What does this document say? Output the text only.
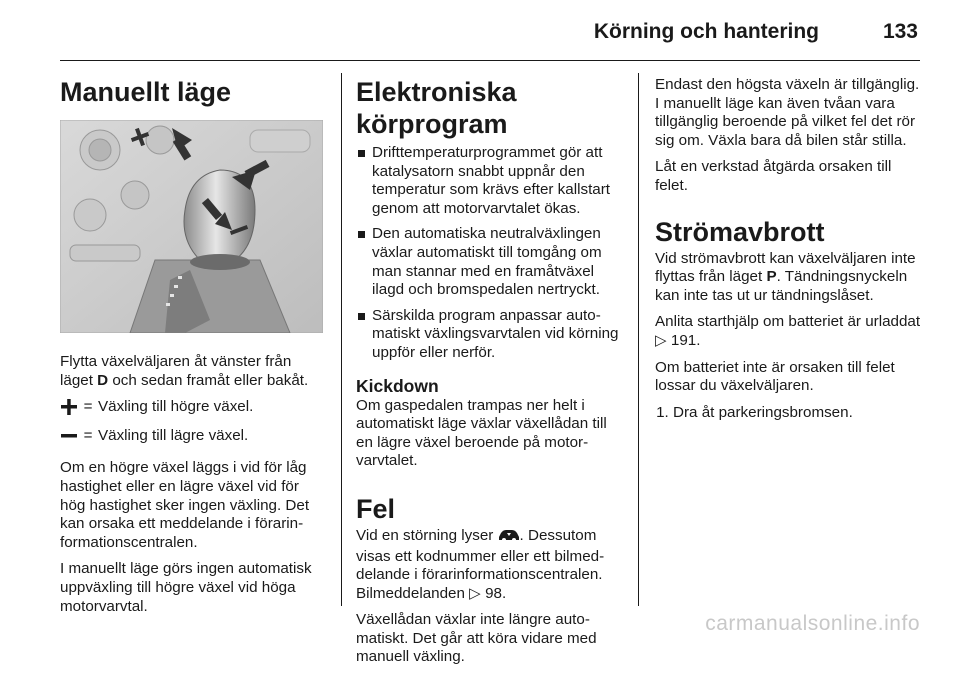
Körning och hantering	133
Manuellt läge

Flytta växelväljaren åt vänster från läget D och sedan framåt eller bakåt.

= Växling till högre växel.
= Växling till lägre växel.

Om en högre växel läggs i vid för låg hastighet eller en lägre växel vid för hög hastighet sker ingen växling. Det kan orsaka ett meddelande i förarinformationscentralen.

I manuellt läge görs ingen automatisk uppväxling till högre växel vid höga motorvarvtal.

Elektroniska körprogram
Drifttemperaturprogrammet gör att katalysatorn snabbt uppnår den temperatur som krävs efter kallstart genom att motorvarvtalet ökas.
Den automatiska neutralväxlingen växlar automatiskt till tomgång om man stannar med en framåtväxel ilagd och bromspedalen nertryckt.
Särskilda program anpassar automatiskt växlingsvarvtalen vid körning uppför eller nerför.
Kickdown

Om gaspedalen trampas ner helt i automatiskt läge växlar växellådan till en lägre växel beroende på motorvarvtalet.

Fel

Vid en störning lyser . Dessutom visas ett kodnummer eller ett bilmeddelande i förarinformationscentralen. Bilmeddelanden ▷ 98.

Växellådan växlar inte längre automatiskt. Det går att köra vidare med manuell växling.

Endast den högsta växeln är tillgänglig. I manuellt läge kan även tvåan vara tillgänglig beroende på vilket fel det rör sig om. Växla bara då bilen står stilla.

Låt en verkstad åtgärda orsaken till felet.

Strömavbrott

Vid strömavbrott kan växelväljaren inte flyttas från läget P. Tändningsnyckeln kan inte tas ut ur tändningslåset.

Anlita starthjälp om batteriet är urladdat ▷ 191.

Om batteriet inte är orsaken till felet lossar du växelväljaren.

1. Dra åt parkeringsbromsen.
carmanualsonline.info
